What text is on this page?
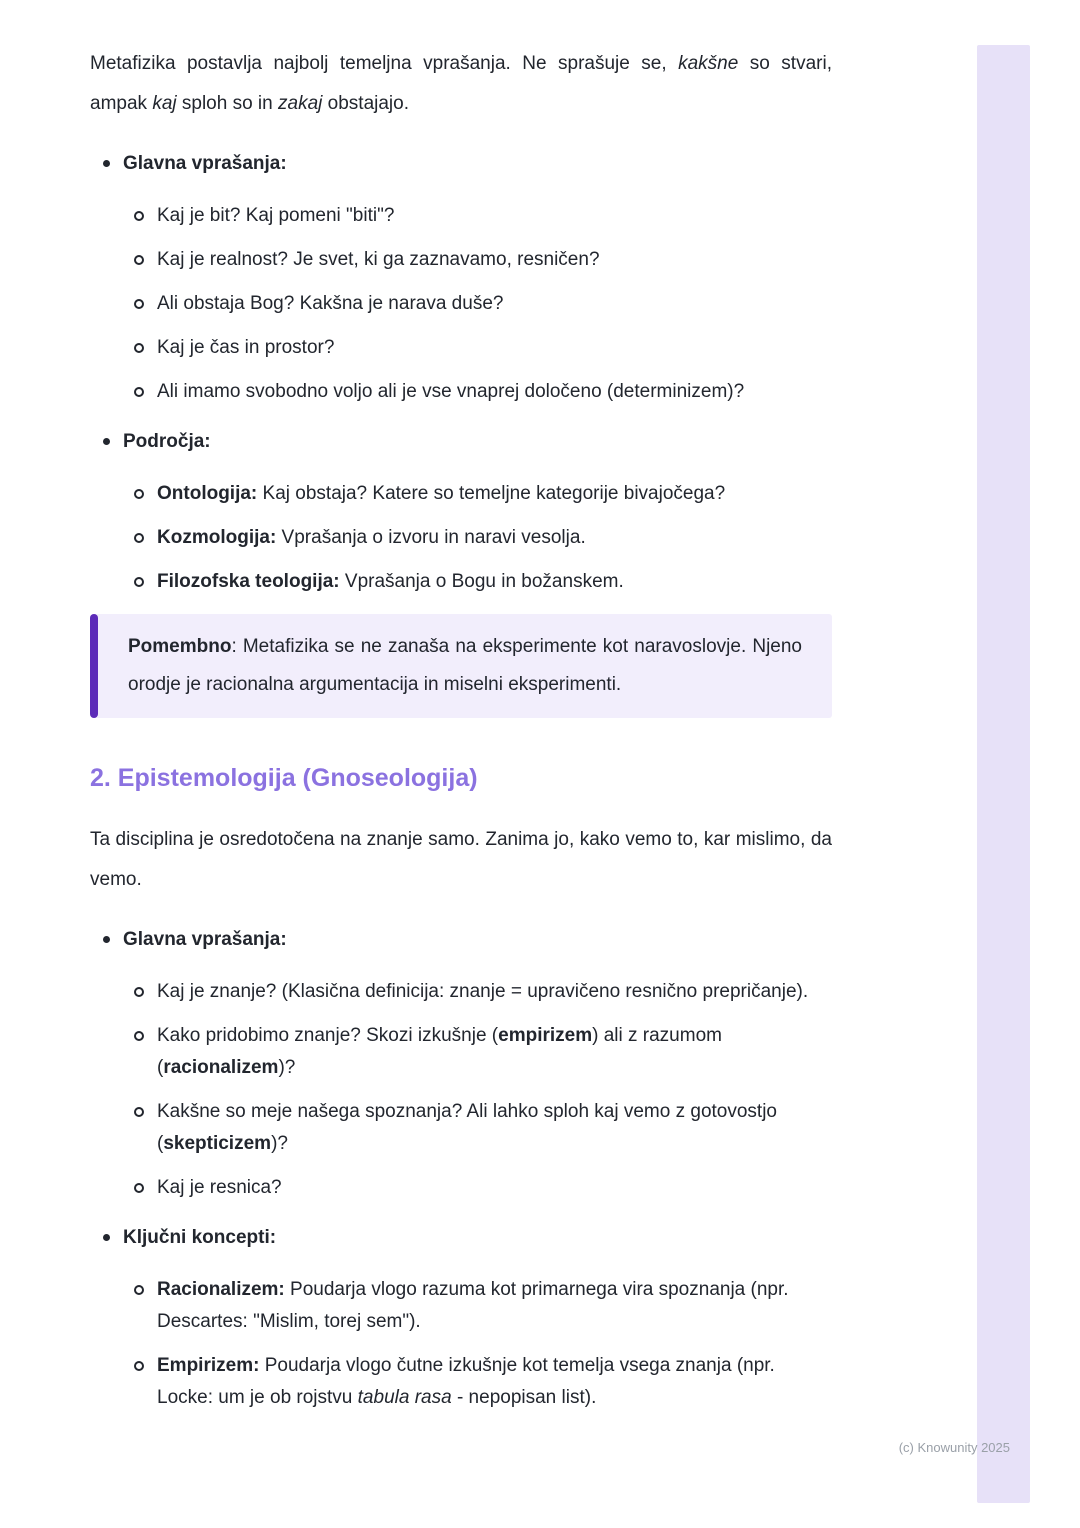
Metafizika postavlja najbolj temeljna vprašanja. Ne sprašuje se, kakšne so stvari, ampak kaj sploh so in zakaj obstajajo.

Glavna vprašanja:
Kaj je bit? Kaj pomeni "biti"?
Kaj je realnost? Je svet, ki ga zaznavamo, resničen?
Ali obstaja Bog? Kakšna je narava duše?
Kaj je čas in prostor?
Ali imamo svobodno voljo ali je vse vnaprej določeno (determinizem)?
Področja:
Ontologija: Kaj obstaja? Katere so temeljne kategorije bivajočega?
Kozmologija: Vprašanja o izvoru in naravi vesolja.
Filozofska teologija: Vprašanja o Bogu in božanskem.

Pomembno: Metafizika se ne zanaša na eksperimente kot naravoslovje. Njeno orodje je racionalna argumentacija in miselni eksperimenti.

2. Epistemologija (Gnoseologija)

Ta disciplina je osredotočena na znanje samo. Zanima jo, kako vemo to, kar mislimo, da vemo.

Glavna vprašanja:
Kaj je znanje? (Klasična definicija: znanje = upravičeno resnično prepričanje).
Kako pridobimo znanje? Skozi izkušnje (empirizem) ali z razumom (racionalizem)?
Kakšne so meje našega spoznanja? Ali lahko sploh kaj vemo z gotovostjo (skepticizem)?
Kaj je resnica?
Ključni koncepti:
Racionalizem: Poudarja vlogo razuma kot primarnega vira spoznanja (npr. Descartes: "Mislim, torej sem").
Empirizem: Poudarja vlogo čutne izkušnje kot temelja vsega znanja (npr. Locke: um je ob rojstvu tabula rasa - nepopisan list).
(c) Knowunity 2025
